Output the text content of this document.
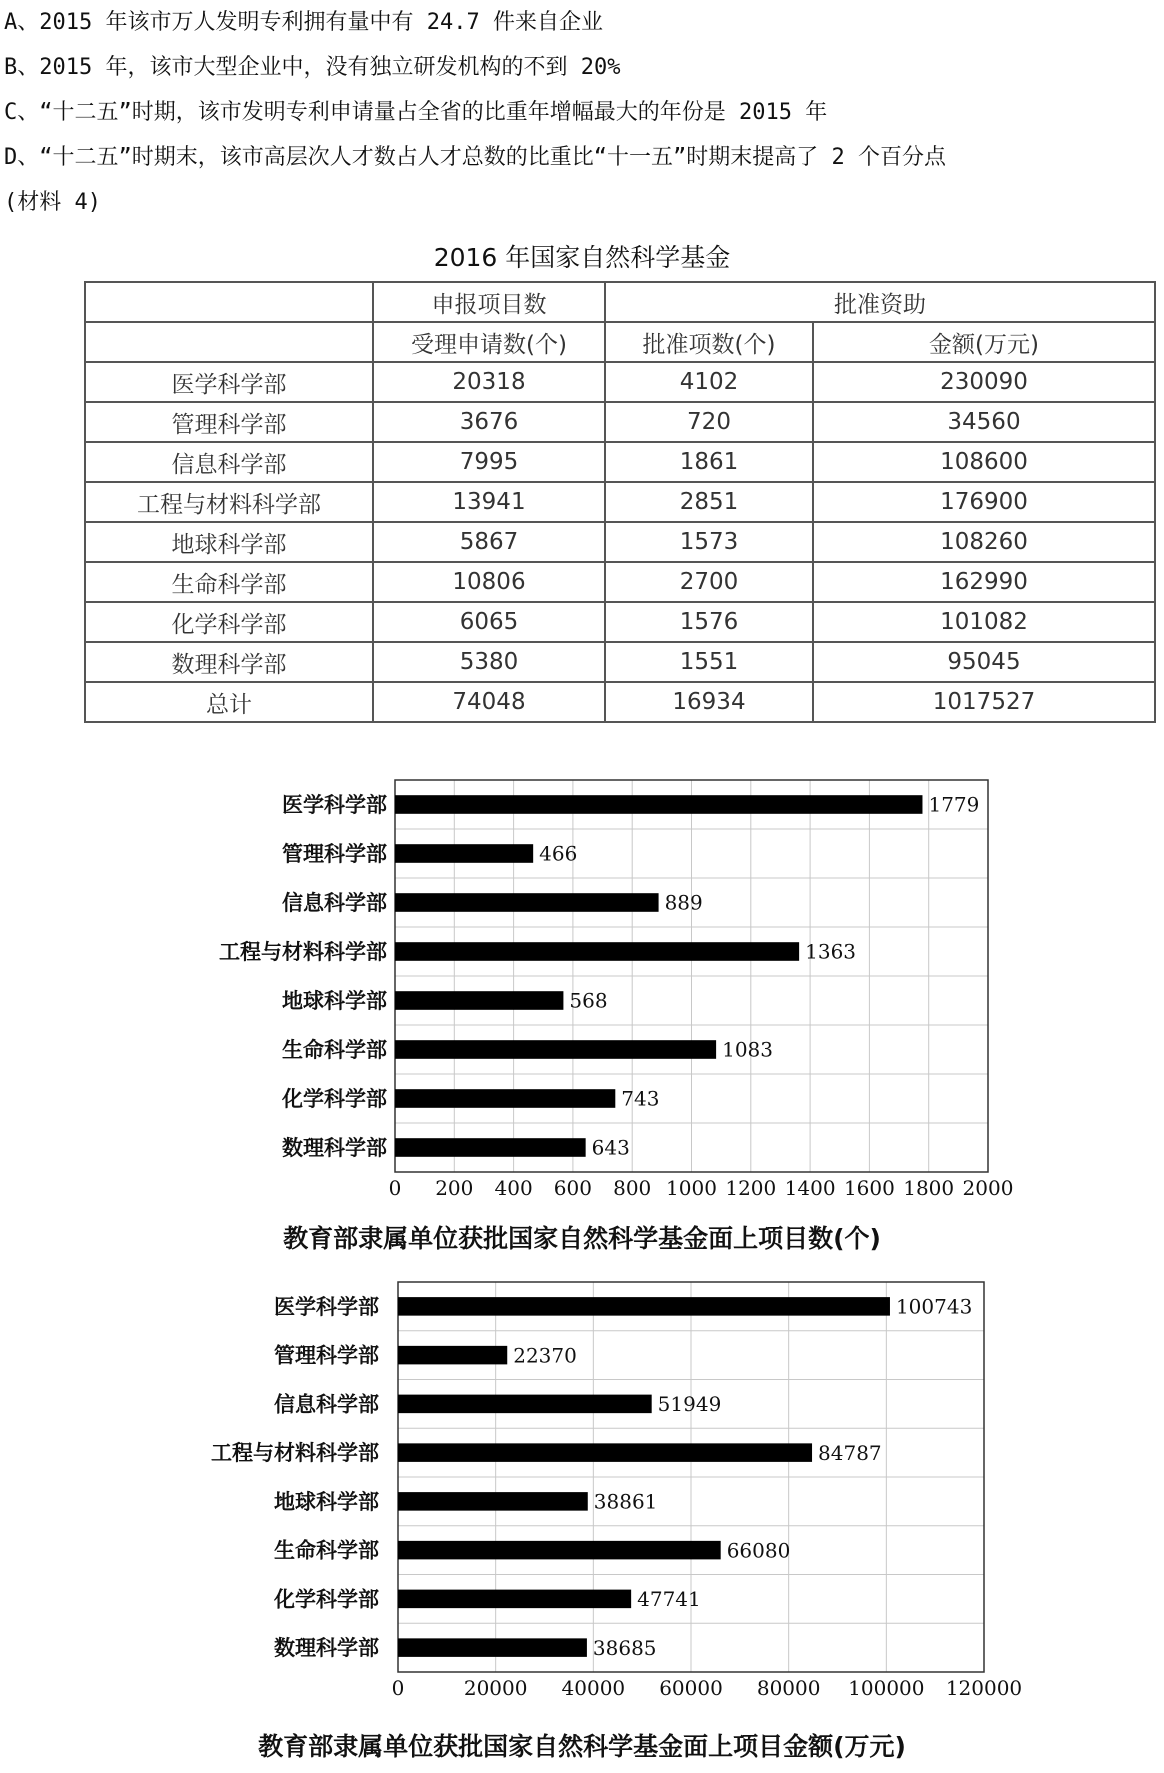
A、2015 年该市万人发明专利拥有量中有 24.7 件来自企业
B、2015 年，该市大型企业中，没有独立研发机构的不到 20%
C、“十二五”时期，该市发明专利申请量占全省的比重年增幅最大的年份是 2015 年
D、“十二五”时期末，该市高层次人才数占人才总数的比重比“十一五”时期末提高了 2 个百分点
(材料 4)
2016 年国家自然科学基金
	申报项目数	批准资助	
	受理申请数(个)	批准项数(个)	金额(万元)
医学科学部	20318	4102	230090
管理科学部	3676	720	34560
信息科学部	7995	1861	108600
工程与材料科学部	13941	2851	176900
地球科学部	5867	1573	108260
生命科学部	10806	2700	162990
化学科学部	6065	1576	101082
数理科学部	5380	1551	95045
总计	74048	16934	1017527
医学科学部	1779
管理科学部	466
信息科学部	889
工程与材料科学部	1363
地球科学部	568
生命科学部	1083
化学科学部	743
数理科学部	643
0 200 400 600 800 1000 1200 1400 1600 1800 2000
教育部隶属单位获批国家自然科学基金面上项目数(个)
医学科学部	100743
管理科学部	22370
信息科学部	51949
工程与材料科学部	84787
地球科学部	38861
生命科学部	66080
化学科学部	47741
数理科学部	38685
0	20000 40000 60000 80000 100000 120000
教育部隶属单位获批国家自然科学基金面上项目金额(万元)
